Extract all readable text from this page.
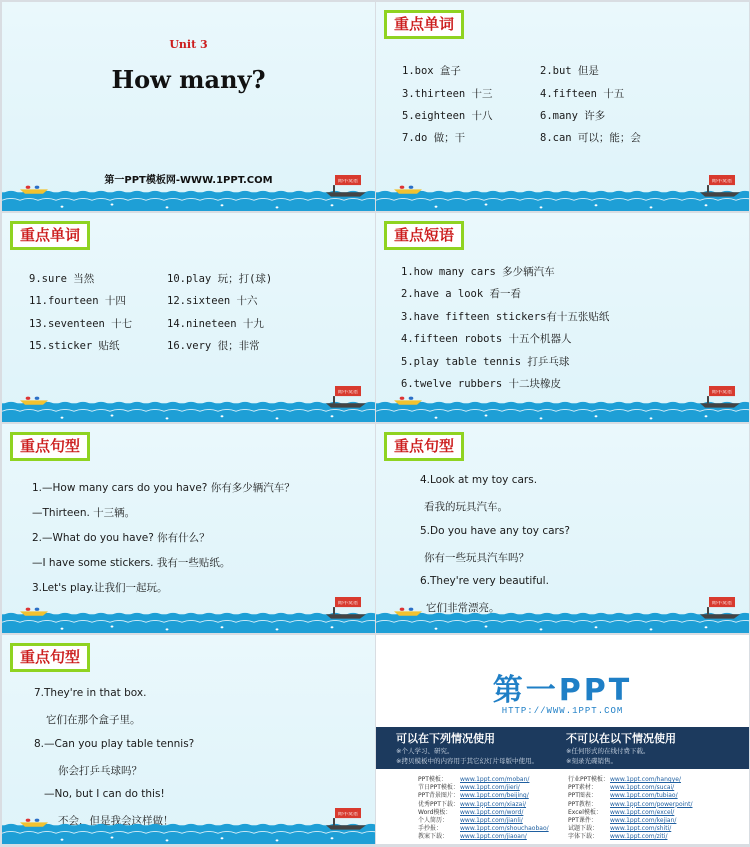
Unit 3
How many?
第一PPT模板网-WWW.1PPT.COM	附中英语
重点单词
1.box 盒子	2.but 但是
3.thirteen 十三	4.fifteen 十五
5.eighteen 十八	6.many 许多
7.do 做；干	8.can 可以；能；会
附中英语
重点单词
9.sure 当然	10.play 玩；打(球)
11.fourteen 十四	12.sixteen 十六
13.seventeen 十七	14.nineteen 十九
15.sticker 贴纸	16.very 很；非常
附中英语
重点短语
1.how many cars 多少辆汽车
2.have a look 看一看
3.have fifteen stickers有十五张贴纸
4.fifteen robots 十五个机器人
5.play table tennis 打乒乓球
6.twelve rubbers 十二块橡皮
附中英语
重点句型
1.—How many cars do you have? 你有多少辆汽车？
—Thirteen. 十三辆。
2.—What do you have? 你有什么？
—I have some stickers. 我有一些贴纸。
3.Let's play.让我们一起玩。
附中英语
重点句型
4.Look at my toy cars.
看我的玩具汽车。
5.Do you have any toy cars?
你有一些玩具汽车吗？
6.They're very beautiful.
它们非常漂亮。	附中英语
重点句型
7.They're in that box.
它们在那个盒子里。
8.—Can you play table tennis?
你会打乒乓球吗？
—No, but I can do this!
不会，但是我会这样做！
附中英语
第一PPT
HTTP://WWW.1PPT.COM
可以在下列情况使用
※个人学习、研究。
※拷贝模板中的内容用于其它幻灯片母版中使用。
不可以在以下情况使用
※任何形式的在线付费下载。
※刻录光碟销售。
PPT模板： www.1ppt.com/moban/
节日PPT模板：www.1ppt.com/jieri/
PPT背景图片：www.1ppt.com/beijing/
优秀PPT下载：www.1ppt.com/xiazai/
Word模板： www.1ppt.com/word/
个人简历： www.1ppt.com/jianli/
手抄报：	www.1ppt.com/shouchaobao/
教案下载： www.1ppt.com/jiaoan/
行业PPT模板：www.1ppt.com/hangye/
PPT素材： www.1ppt.com/sucai/
PPT图表： www.1ppt.com/tubiao/
PPT教程： www.1ppt.com/powerpoint/
Excel模板： www.1ppt.com/excel/
PPT课件： www.1ppt.com/kejian/
试题下载： www.1ppt.com/shiti/
字体下载： www.1ppt.com/ziti/
